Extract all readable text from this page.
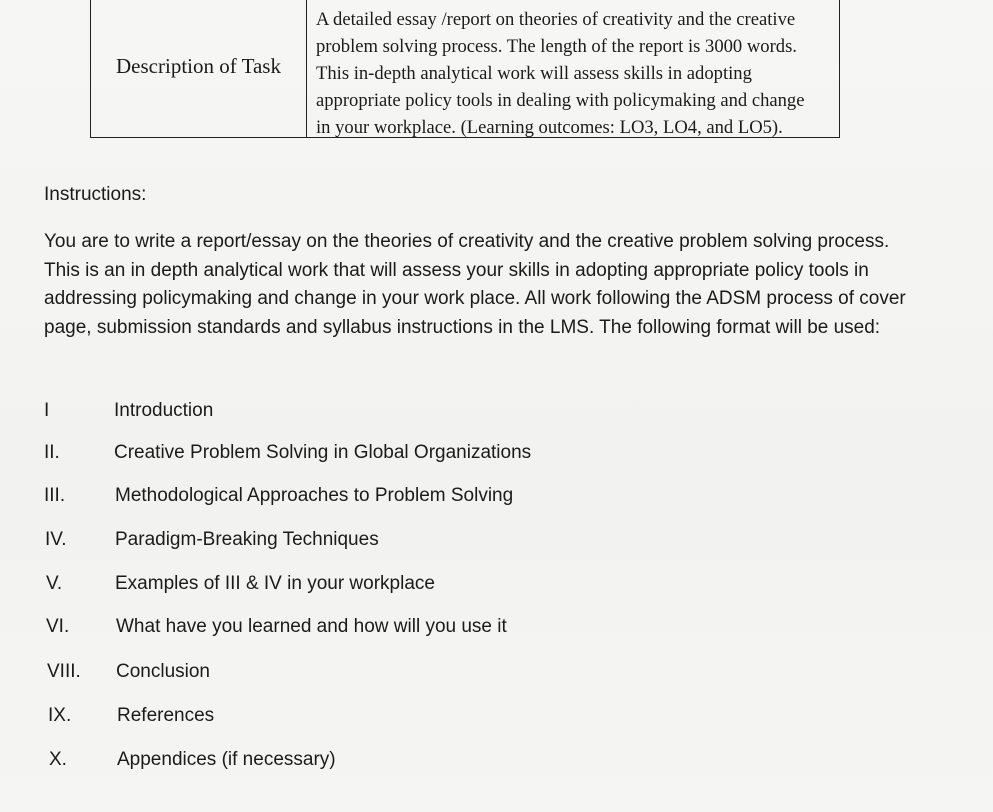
Description of Task
A detailed essay /report on theories of creativity and the creative
problem solving process. The length of the report is 3000 words.
This in-depth analytical work will assess skills in adopting
appropriate policy tools in dealing with policymaking and change
in your workplace. (Learning outcomes: LO3, LO4, and LO5).
Instructions:
You are to write a report/essay on the theories of creativity and the creative problem solving process.
This is an in depth analytical work that will assess your skills in adopting appropriate policy tools in
addressing policymaking and change in your work place. All work following the ADSM process of cover
page, submission standards and syllabus instructions in the LMS. The following format will be used:
I	Introduction
II.	Creative Problem Solving in Global Organizations
III.	Methodological Approaches to Problem Solving
IV.	Paradigm-Breaking Techniques
V.	Examples of III & IV in your workplace
VI. What have you learned and how will you use it
VIII. Conclusion
IX. References
X.	Appendices (if necessary)
